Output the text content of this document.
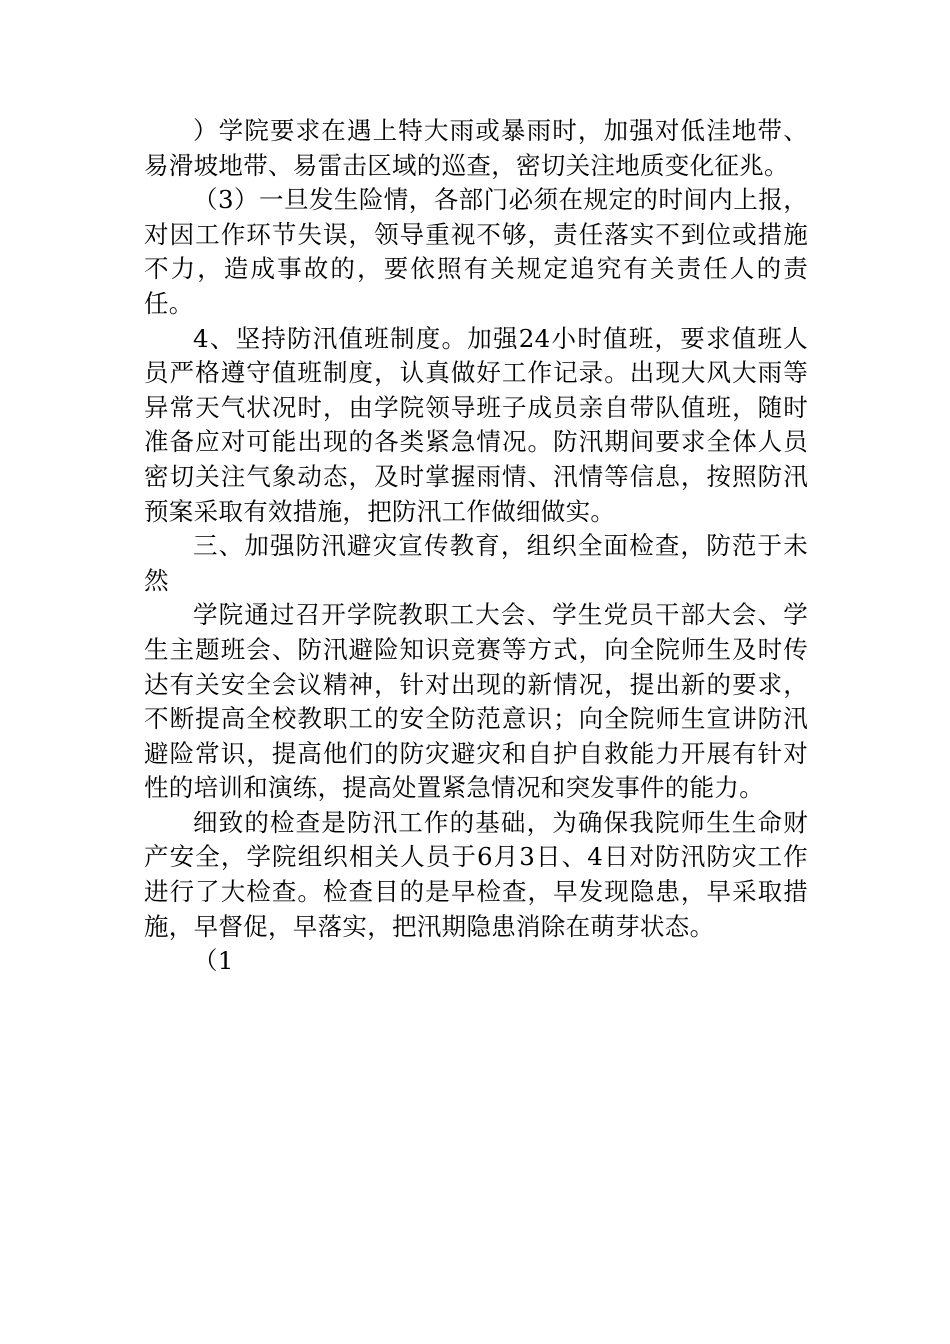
）学院要求在遇上特大雨或暴雨时，加强对低洼地带、易滑坡地带、易雷击区域的巡查，密切关注地质变化征兆。

（3）一旦发生险情，各部门必须在规定的时间内上报，对因工作环节失误，领导重视不够，责任落实不到位或措施不力，造成事故的，要依照有关规定追究有关责任人的责任。

4、坚持防汛值班制度。加强24小时值班，要求值班人员严格遵守值班制度，认真做好工作记录。出现大风大雨等异常天气状况时，由学院领导班子成员亲自带队值班，随时准备应对可能出现的各类紧急情况。防汛期间要求全体人员密切关注气象动态，及时掌握雨情、汛情等信息，按照防汛预案采取有效措施，把防汛工作做细做实。

三、加强防汛避灾宣传教育，组织全面检查，防范于未然

学院通过召开学院教职工大会、学生党员干部大会、学生主题班会、防汛避险知识竞赛等方式，向全院师生及时传达有关安全会议精神，针对出现的新情况，提出新的要求，不断提高全校教职工的安全防范意识；向全院师生宣讲防汛避险常识，提高他们的防灾避灾和自护自救能力开展有针对性的培训和演练，提高处置紧急情况和突发事件的能力。

细致的检查是防汛工作的基础，为确保我院师生生命财产安全，学院组织相关人员于6月3日、4日对防汛防灾工作进行了大检查。检查目的是早检查，早发现隐患，早采取措施，早督促，早落实，把汛期隐患消除在萌芽状态。

（1
